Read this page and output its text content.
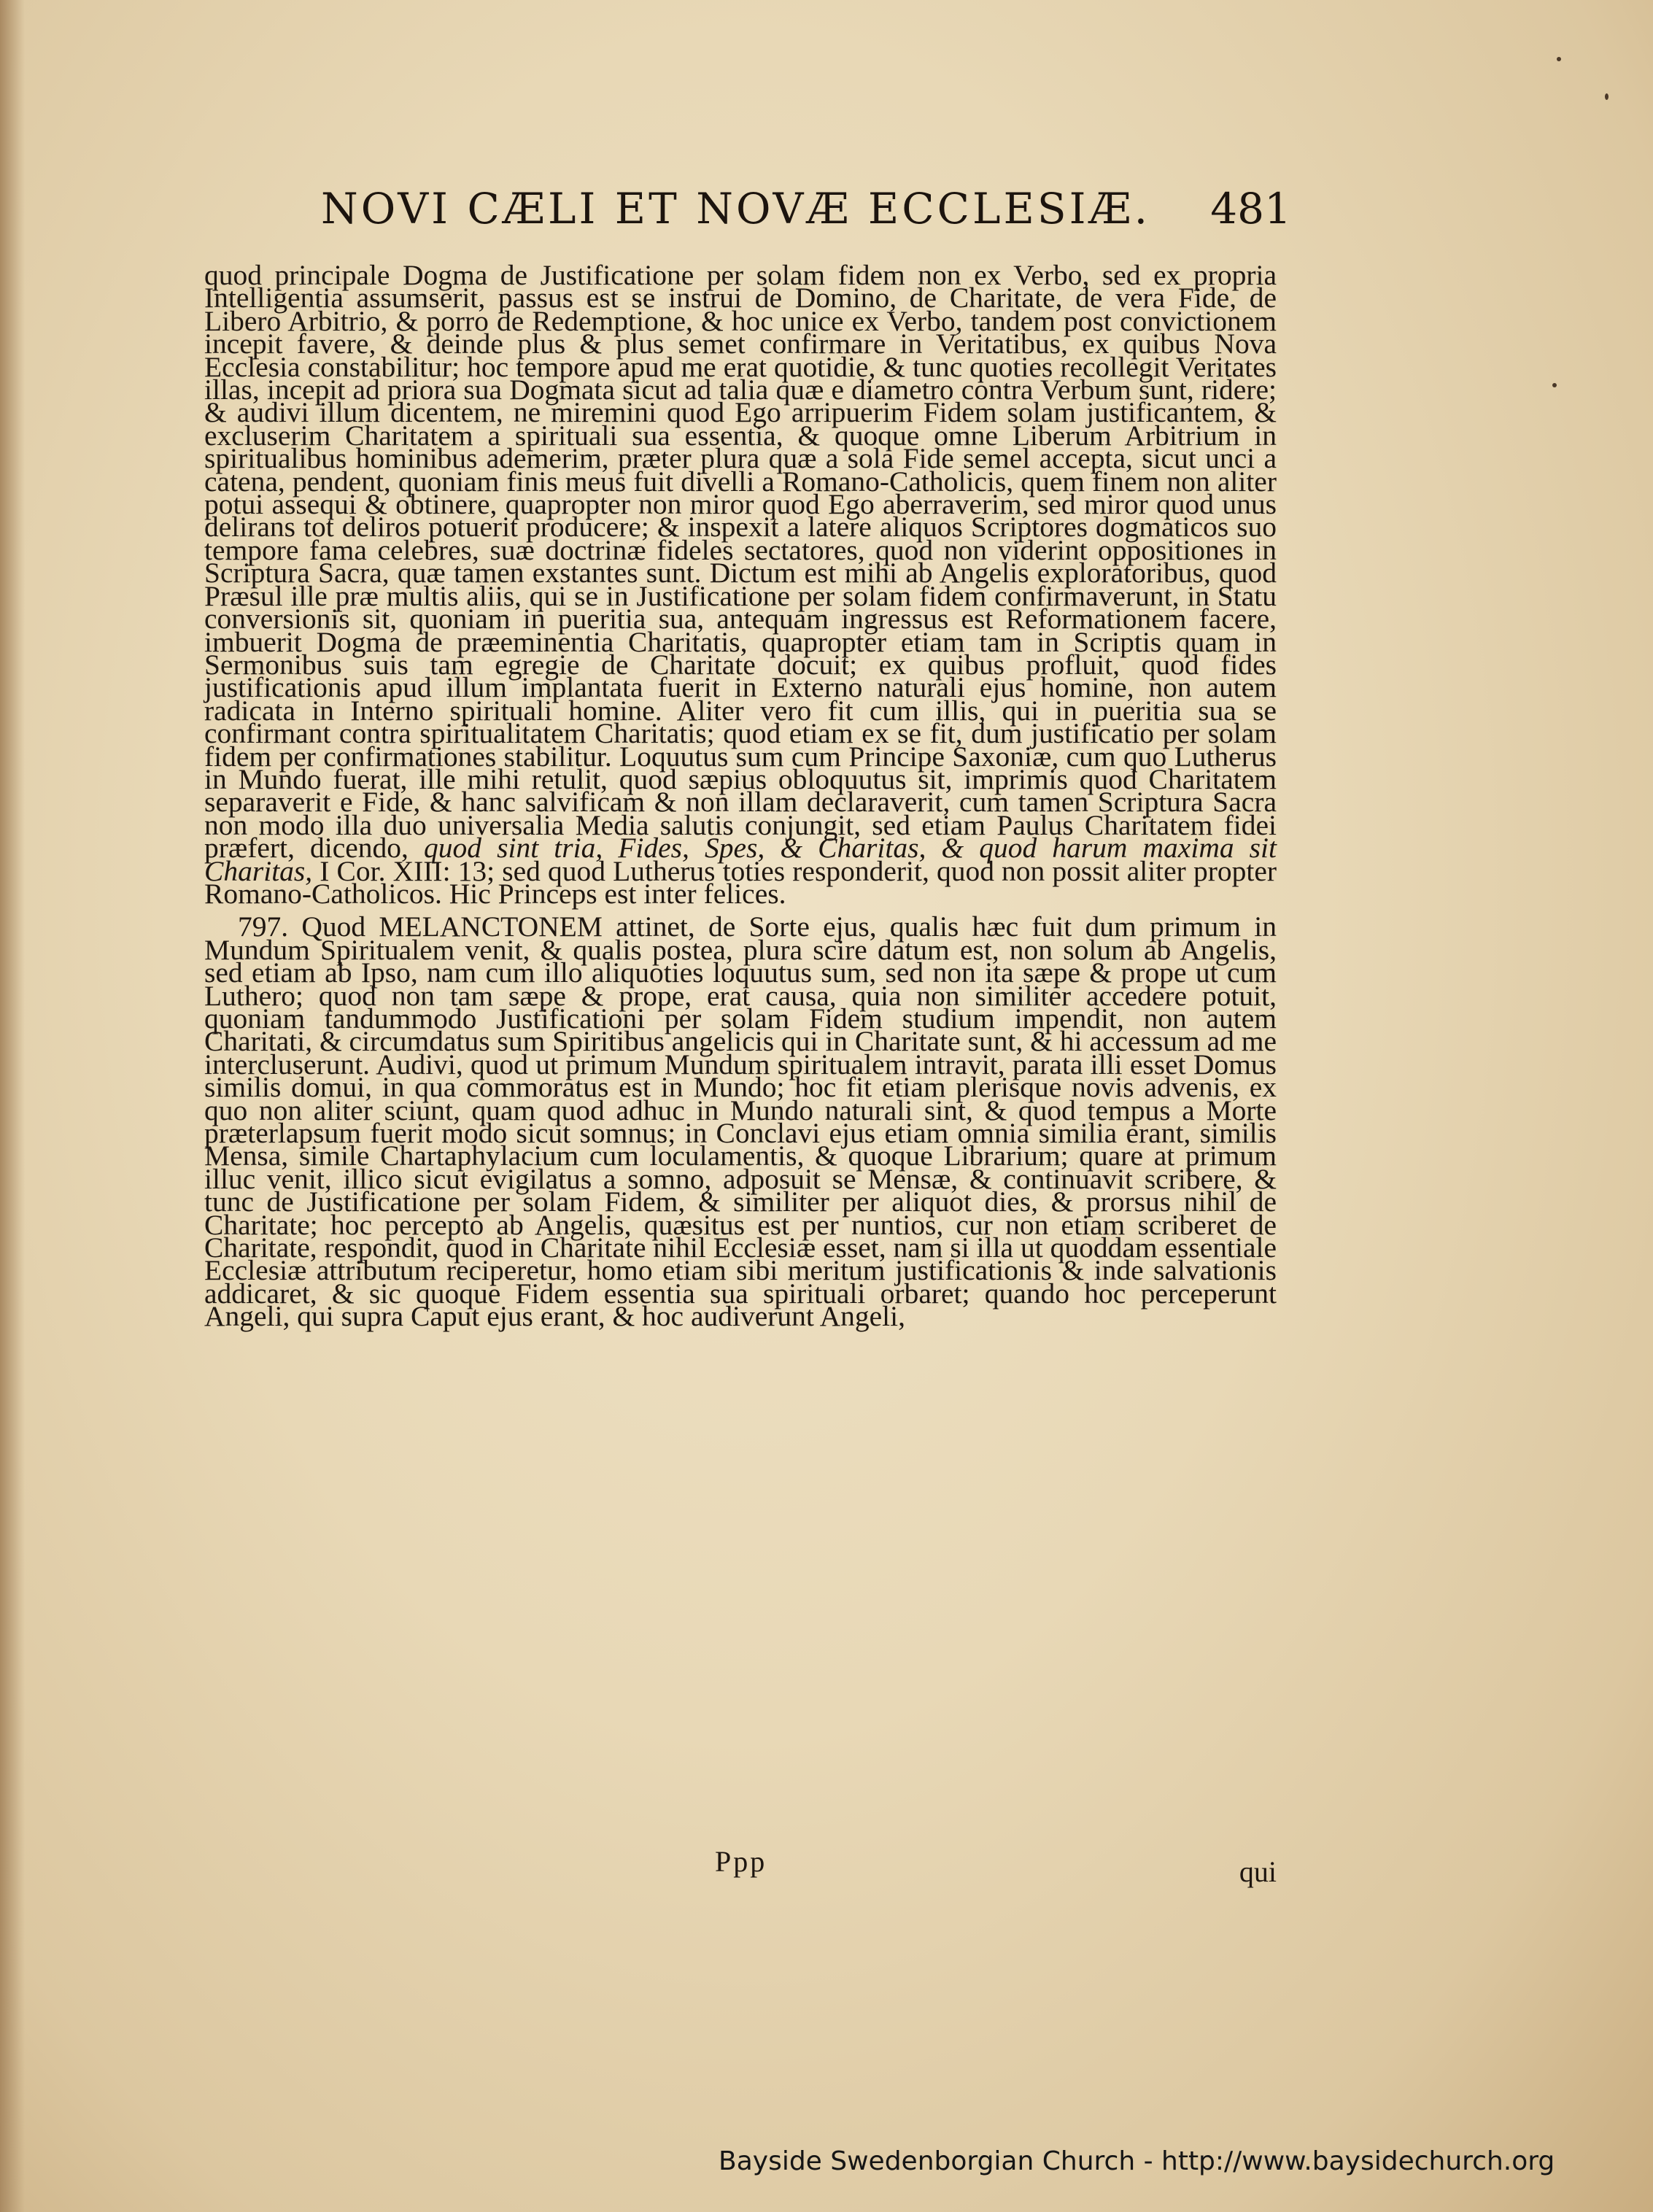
NOVI CÆLI ET NOVÆ ECCLESIÆ. 481

quod principale Dogma de Justificatione per solam fidem non ex Verbo, sed ex propria Intelligentia assumserit, passus est se instrui de Domino, de Charitate, de vera Fide, de Libero Arbitrio, & porro de Redemptione, & hoc unice ex Verbo, tandem post convictionem incepit favere, & deinde plus & plus semet confirmare in Veritatibus, ex quibus Nova Ecclesia constabilitur; hoc tempore apud me erat quotidie, & tunc quoties recollegit Veritates illas, incepit ad priora sua Dogmata sicut ad talia quæ e diametro contra Verbum sunt, ridere; & audivi illum dicentem, ne miremini quod Ego arripuerim Fidem solam justificantem, & excluserim Charitatem a spirituali sua essentia, & quoque omne Liberum Arbitrium in spiritualibus hominibus ademerim, præter plura quæ a sola Fide semel accepta, sicut unci a catena, pendent, quoniam finis meus fuit divelli a Romano-Catholicis, quem finem non aliter potui assequi & obtinere, quapropter non miror quod Ego aberraverim, sed miror quod unus delirans tot deliros potuerit producere; & inspexit a latere aliquos Scriptores dogmaticos suo tempore fama celebres, suæ doctrinæ fideles sectatores, quod non viderint oppositiones in Scriptura Sacra, quæ tamen exstantes sunt. Dictum est mihi ab Angelis exploratoribus, quod Præsul ille præ multis aliis, qui se in Justificatione per solam fidem confirmaverunt, in Statu conversionis sit, quoniam in pueritia sua, antequam ingressus est Reformationem facere, imbuerit Dogma de præeminentia Charitatis, quapropter etiam tam in Scriptis quam in Sermonibus suis tam egregie de Charitate docuit; ex quibus profluit, quod fides justificationis apud illum implantata fuerit in Externo naturali ejus homine, non autem radicata in Interno spirituali homine. Aliter vero fit cum illis, qui in pueritia sua se confirmant contra spiritualitatem Charitatis; quod etiam ex se fit, dum justificatio per solam fidem per confirmationes stabilitur. Loquutus sum cum Principe Saxoniæ, cum quo Lutherus in Mundo fuerat, ille mihi retulit, quod sæpius obloquutus sit, imprimis quod Charitatem separaverit e Fide, & hanc salvificam & non illam declaraverit, cum tamen Scriptura Sacra non modo illa duo universalia Media salutis conjungit, sed etiam Paulus Charitatem fidei præfert, dicendo, quod sint tria, Fides, Spes, & Charitas, & quod harum maxima sit Charitas, I Cor. XIII: 13; sed quod Lutherus toties responderit, quod non possit aliter propter Romano-Catholicos. Hic Princeps est inter felices.

797. Quod MELANCTONEM attinet, de Sorte ejus, qualis hæc fuit dum primum in Mundum Spiritualem venit, & qualis postea, plura scire datum est, non solum ab Angelis, sed etiam ab Ipso, nam cum illo aliquoties loquutus sum, sed non ita sæpe & prope ut cum Luthero; quod non tam sæpe & prope, erat causa, quia non similiter accedere potuit, quoniam tandummodo Justificationi per solam Fidem studium impendit, non autem Charitati, & circumdatus sum Spiritibus angelicis qui in Charitate sunt, & hi accessum ad me intercluserunt. Audivi, quod ut primum Mundum spiritualem intravit, parata illi esset Domus similis domui, in qua commoratus est in Mundo; hoc fit etiam plerisque novis advenis, ex quo non aliter sciunt, quam quod adhuc in Mundo naturali sint, & quod tempus a Morte præterlapsum fuerit modo sicut somnus; in Conclavi ejus etiam omnia similia erant, similis Mensa, simile Chartaphylacium cum loculamentis, & quoque Librarium; quare at primum illuc venit, illico sicut evigilatus a somno, adposuit se Mensæ, & continuavit scribere, & tunc de Justificatione per solam Fidem, & similiter per aliquot dies, & prorsus nihil de Charitate; hoc percepto ab Angelis, quæsitus est per nuntios, cur non etiam scriberet de Charitate, respondit, quod in Charitate nihil Ecclesiæ esset, nam si illa ut quoddam essentiale Ecclesiæ attributum reciperetur, homo etiam sibi meritum justificationis & inde salvationis addicaret, & sic quoque Fidem essentia sua spirituali orbaret; quando hoc perceperunt Angeli, qui supra Caput ejus erant, & hoc audiverunt Angeli,

Ppp	qui
Bayside Swedenborgian Church - http://www.baysidechurch.org
